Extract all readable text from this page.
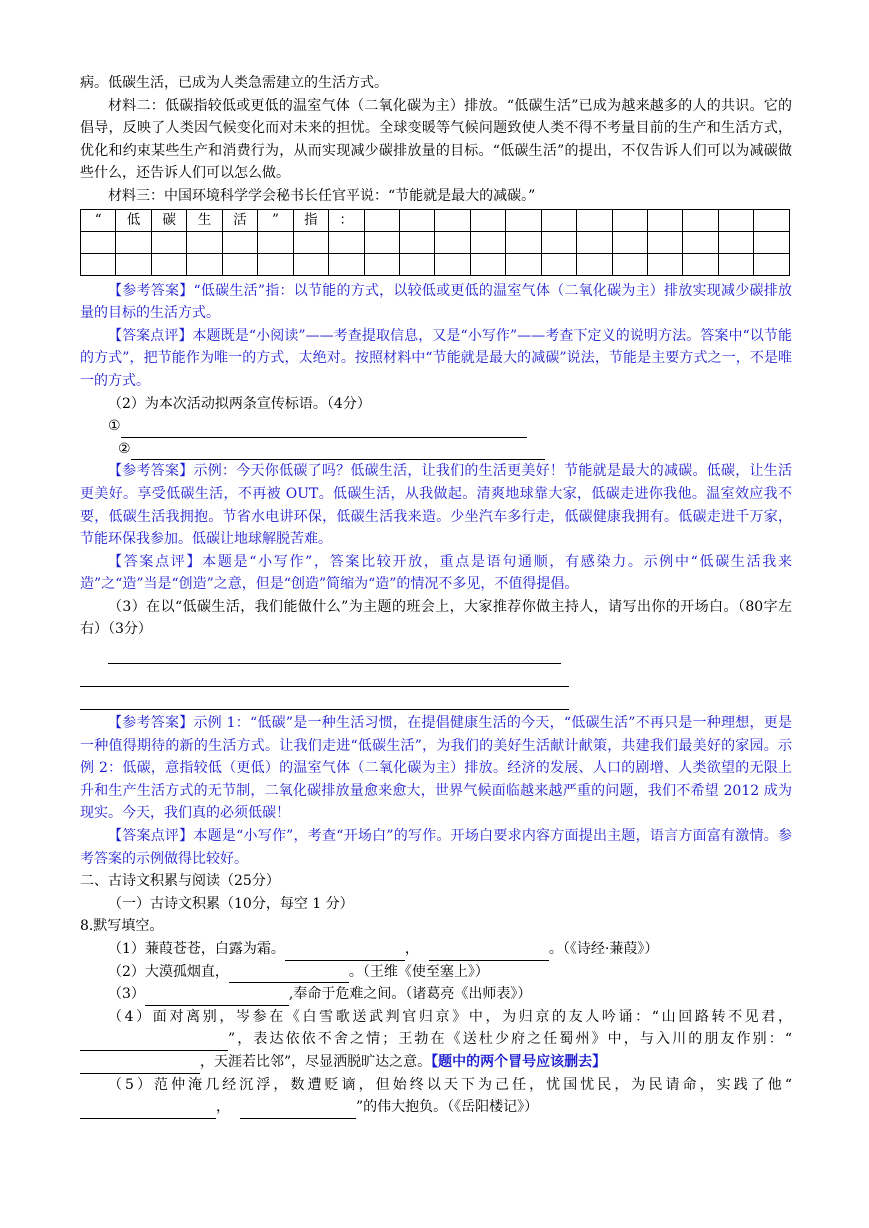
病。低碳生活，已成为人类急需建立的生活方式。

材料二：低碳指较低或更低的温室气体（二氧化碳为主）排放。“低碳生活”已成为越来越多的人的共识。它的倡导，反映了人类因气候变化而对未来的担忧。全球变暖等气候问题致使人类不得不考量目前的生产和生活方式，优化和约束某些生产和消费行为，从而实现减少碳排放量的目标。“低碳生活”的提出，不仅告诉人们可以为减碳做些什么，还告诉人们可以怎么做。

材料三：中国环境科学学会秘书长任官平说：“节能就是最大的减碳。”

“	低	碳	生	活	”	指	：												

【参考答案】“低碳生活”指：以节能的方式，以较低或更低的温室气体（二氧化碳为主）排放实现减少碳排放量的目标的生活方式。

【答案点评】本题既是“小阅读”——考查提取信息，又是“小写作”——考查下定义的说明方法。答案中“以节能的方式”，把节能作为唯一的方式，太绝对。按照材料中“节能就是最大的减碳”说法，节能是主要方式之一，不是唯一的方式。

（2）为本次活动拟两条宣传标语。（4分）

①

②

【参考答案】示例：今天你低碳了吗？低碳生活，让我们的生活更美好！节能就是最大的减碳。低碳，让生活更美好。享受低碳生活，不再被 OUT。低碳生活，从我做起。清爽地球靠大家，低碳走进你我他。温室效应我不要，低碳生活我拥抱。节省水电讲环保，低碳生活我来造。少坐汽车多行走，低碳健康我拥有。低碳走进千万家，节能环保我参加。低碳让地球解脱苦难。

【答案点评】本题是“小写作”，答案比较开放，重点是语句通顺，有感染力。示例中“低碳生活我来造”之“造”当是“创造”之意，但是“创造”简缩为“造”的情况不多见，不值得提倡。

（3）在以“低碳生活，我们能做什么”为主题的班会上，大家推荐你做主持人，请写出你的开场白。（80字左右）（3分）

【参考答案】示例 1：“低碳”是一种生活习惯，在提倡健康生活的今天，“低碳生活”不再只是一种理想，更是一种值得期待的新的生活方式。让我们走进“低碳生活”，为我们的美好生活献计献策，共建我们最美好的家园。示例 2：低碳，意指较低（更低）的温室气体（二氧化碳为主）排放。经济的发展、人口的剧增、人类欲望的无限上升和生产生活方式的无节制，二氧化碳排放量愈来愈大，世界气候面临越来越严重的问题，我们不希望 2012 成为现实。今天，我们真的必须低碳！

【答案点评】本题是“小写作”，考查“开场白”的写作。开场白要求内容方面提出主题，语言方面富有激情。参考答案的示例做得比较好。

二、古诗文积累与阅读（25分）

（一）古诗文积累（10分，每空 1 分）

8.默写填空。

（1）蒹葭苍苍，白露为霜。	，	。（《诗经·蒹葭》）

（2）大漠孤烟直，	。（王维《使至塞上》）

（3）	,奉命于危难之间。（诸葛亮《出师表》）

（4）面对离别，岑参在《白雪歌送武判官归京》中，为归京的友人吟诵：“山回路转不见君，”，表达依依不舍之情；王勃在《送杜少府之任蜀州》中，与入川的朋友作别：“，天涯若比邻”，尽显洒脱旷达之意。【题中的两个冒号应该删去】

（5）范仲淹几经沉浮，数遭贬谪，但始终以天下为己任，忧国忧民，为民请命，实践了他“，	”的伟大抱负。（《岳阳楼记》）
